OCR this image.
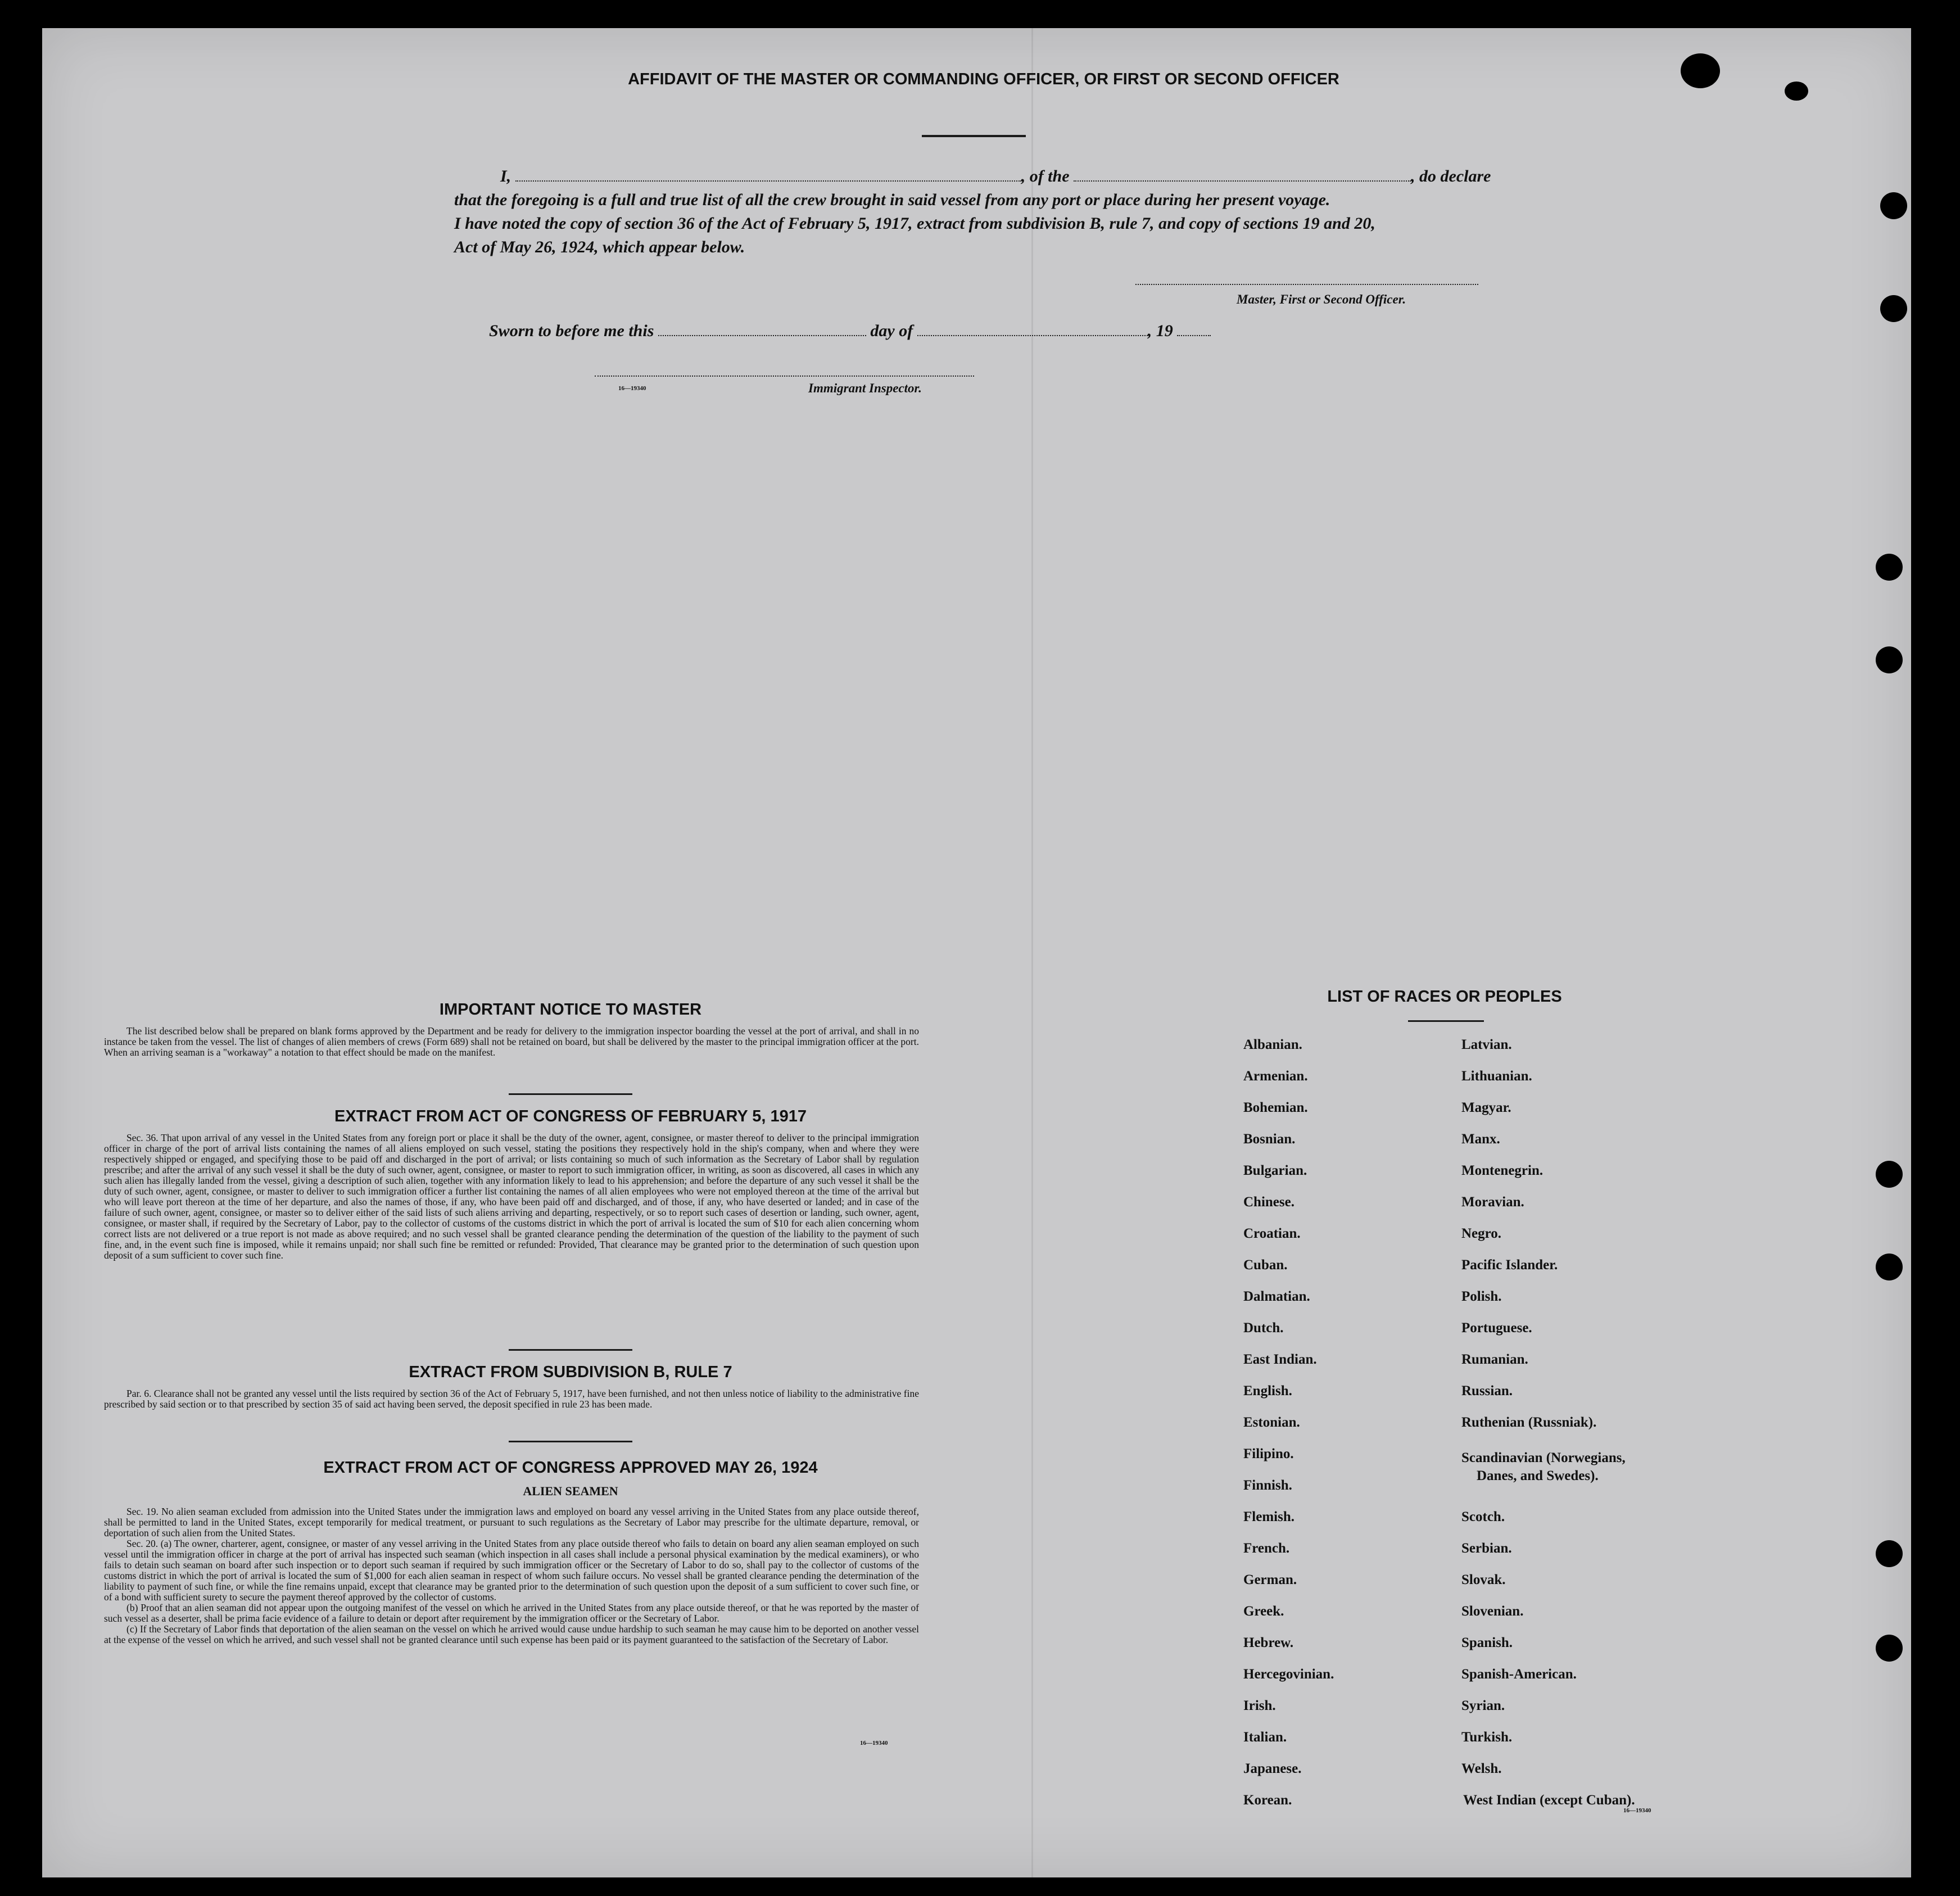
AFFIDAVIT OF THE MASTER OR COMMANDING OFFICER, OR FIRST OR SECOND OFFICER
I,	, of the	, do declare
that the foregoing is a full and true list of all the crew brought in said vessel from any port or place during her present voyage.
I have noted the copy of section 36 of the Act of February 5, 1917, extract from subdivision B, rule 7, and copy of sections 19 and 20,
Act of May 26, 1924, which appear below.
Master, First or Second Officer.
Sworn to before me this	day of	, 19
16—19340	Immigrant Inspector.
IMPORTANT NOTICE TO MASTER

The list described below shall be prepared on blank forms approved by the Department and be ready for delivery to the immigration inspector boarding the vessel at the port of arrival, and shall in no instance be taken from the vessel. The list of changes of alien members of crews (Form 689) shall not be retained on board, but shall be delivered by the master to the principal immigration officer at the port. When an arriving seaman is a "workaway" a notation to that effect should be made on the manifest.

EXTRACT FROM ACT OF CONGRESS OF FEBRUARY 5, 1917

Sec. 36. That upon arrival of any vessel in the United States from any foreign port or place it shall be the duty of the owner, agent, consignee, or master thereof to deliver to the principal immigration officer in charge of the port of arrival lists containing the names of all aliens employed on such vessel, stating the positions they respectively hold in the ship's company, when and where they were respectively shipped or engaged, and specifying those to be paid off and discharged in the port of arrival; or lists containing so much of such information as the Secretary of Labor shall by regulation prescribe; and after the arrival of any such vessel it shall be the duty of such owner, agent, consignee, or master to report to such immigration officer, in writing, as soon as discovered, all cases in which any such alien has illegally landed from the vessel, giving a description of such alien, together with any information likely to lead to his apprehension; and before the departure of any such vessel it shall be the duty of such owner, agent, consignee, or master to deliver to such immigration officer a further list containing the names of all alien employees who were not employed thereon at the time of the arrival but who will leave port thereon at the time of her departure, and also the names of those, if any, who have been paid off and discharged, and of those, if any, who have deserted or landed; and in case of the failure of such owner, agent, consignee, or master so to deliver either of the said lists of such aliens arriving and departing, respectively, or so to report such cases of desertion or landing, such owner, agent, consignee, or master shall, if required by the Secretary of Labor, pay to the collector of customs of the customs district in which the port of arrival is located the sum of $10 for each alien concerning whom correct lists are not delivered or a true report is not made as above required; and no such vessel shall be granted clearance pending the determination of the question of the liability to the payment of such fine, and, in the event such fine is imposed, while it remains unpaid; nor shall such fine be remitted or refunded: Provided, That clearance may be granted prior to the determination of such question upon deposit of a sum sufficient to cover such fine.

EXTRACT FROM SUBDIVISION B, RULE 7

Par. 6. Clearance shall not be granted any vessel until the lists required by section 36 of the Act of February 5, 1917, have been furnished, and not then unless notice of liability to the administrative fine prescribed by said section or to that prescribed by section 35 of said act having been served, the deposit specified in rule 23 has been made.

EXTRACT FROM ACT OF CONGRESS APPROVED MAY 26, 1924
ALIEN SEAMEN

Sec. 19. No alien seaman excluded from admission into the United States under the immigration laws and employed on board any vessel arriving in the United States from any place outside thereof, shall be permitted to land in the United States, except temporarily for medical treatment, or pursuant to such regulations as the Secretary of Labor may prescribe for the ultimate departure, removal, or deportation of such alien from the United States.

Sec. 20. (a) The owner, charterer, agent, consignee, or master of any vessel arriving in the United States from any place outside thereof who fails to detain on board any alien seaman employed on such vessel until the immigration officer in charge at the port of arrival has inspected such seaman (which inspection in all cases shall include a personal physical examination by the medical examiners), or who fails to detain such seaman on board after such inspection or to deport such seaman if required by such immigration officer or the Secretary of Labor to do so, shall pay to the collector of customs of the customs district in which the port of arrival is located the sum of $1,000 for each alien seaman in respect of whom such failure occurs. No vessel shall be granted clearance pending the determination of the liability to payment of such fine, or while the fine remains unpaid, except that clearance may be granted prior to the determination of such question upon the deposit of a sum sufficient to cover such fine, or of a bond with sufficient surety to secure the payment thereof approved by the collector of customs.

(b) Proof that an alien seaman did not appear upon the outgoing manifest of the vessel on which he arrived in the United States from any place outside thereof, or that he was reported by the master of such vessel as a deserter, shall be prima facie evidence of a failure to detain or deport after requirement by the immigration officer or the Secretary of Labor.

(c) If the Secretary of Labor finds that deportation of the alien seaman on the vessel on which he arrived would cause undue hardship to such seaman he may cause him to be deported on another vessel at the expense of the vessel on which he arrived, and such vessel shall not be granted clearance until such expense has been paid or its payment guaranteed to the satisfaction of the Secretary of Labor.

16—19340
LIST OF RACES OR PEOPLES
Albanian.
Armenian.
Bohemian.
Bosnian.
Bulgarian.
Chinese.
Croatian.
Cuban.
Dalmatian.
Dutch.
East Indian.
English.
Estonian.
Filipino.
Finnish.
Flemish.
French.
German.
Greek.
Hebrew.
Hercegovinian.
Irish.
Italian.
Japanese.
Korean.
Latvian.
Lithuanian.
Magyar.
Manx.
Montenegrin.
Moravian.
Negro.
Pacific Islander.
Polish.
Portuguese.
Rumanian.
Russian.
Ruthenian (Russniak).
Scandinavian (Norwegians,
Danes, and Swedes).
Scotch.
Serbian.
Slovak.
Slovenian.
Spanish.
Spanish-American.
Syrian.
Turkish.
Welsh.
West Indian (except Cuban).
16—19340
